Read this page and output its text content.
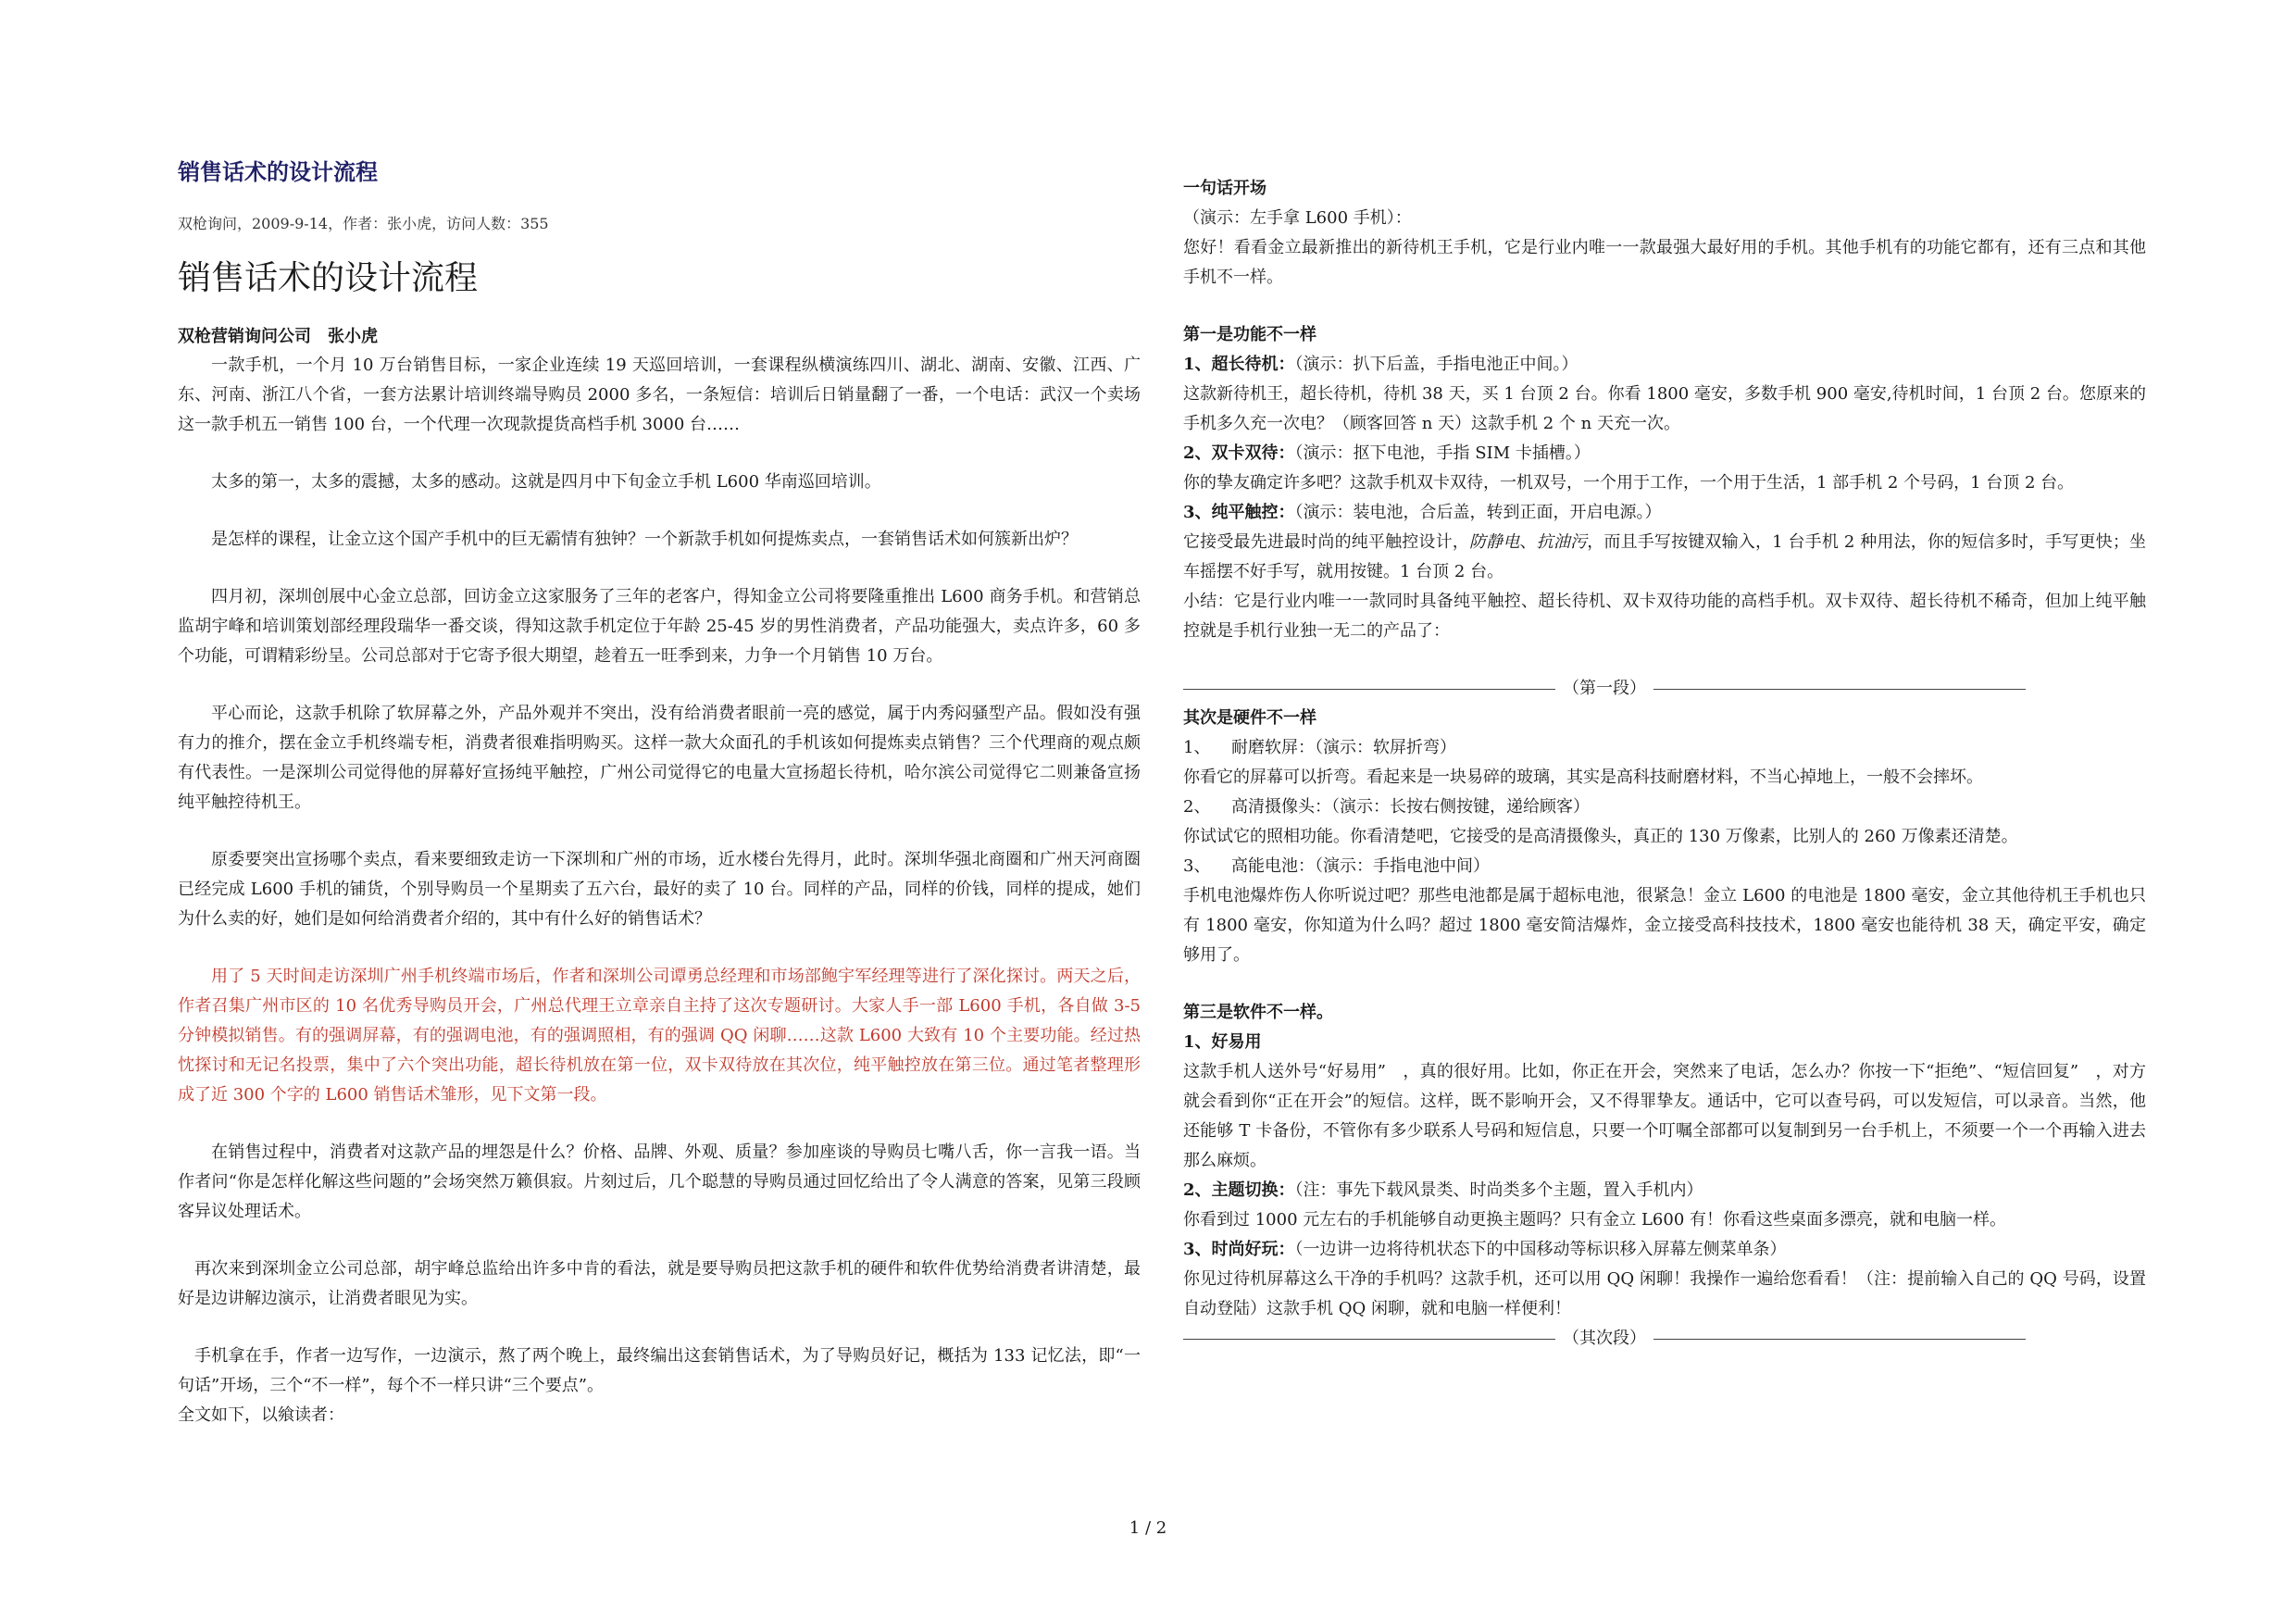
销售话术的设计流程

双枪询问，2009-9-14，作者：张小虎，访问人数：355

销售话术的设计流程

双枪营销询问公司　张小虎

一款手机，一个月 10 万台销售目标，一家企业连续 19 天巡回培训，一套课程纵横演练四川、湖北、湖南、安徽、江西、广东、河南、浙江八个省，一套方法累计培训终端导购员 2000 多名，一条短信：培训后日销量翻了一番，一个电话：武汉一个卖场这一款手机五一销售 100 台，一个代理一次现款提货高档手机 3000 台……

太多的第一，太多的震撼，太多的感动。这就是四月中下旬金立手机 L600 华南巡回培训。

是怎样的课程，让金立这个国产手机中的巨无霸情有独钟？一个新款手机如何提炼卖点，一套销售话术如何簇新出炉？

四月初，深圳创展中心金立总部，回访金立这家服务了三年的老客户，得知金立公司将要隆重推出 L600 商务手机。和营销总监胡宇峰和培训策划部经理段瑞华一番交谈，得知这款手机定位于年龄 25-45 岁的男性消费者，产品功能强大，卖点许多，60 多个功能，可谓精彩纷呈。公司总部对于它寄予很大期望，趁着五一旺季到来，力争一个月销售 10 万台。

平心而论，这款手机除了软屏幕之外，产品外观并不突出，没有给消费者眼前一亮的感觉，属于内秀闷骚型产品。假如没有强有力的推介，摆在金立手机终端专柜，消费者很难指明购买。这样一款大众面孔的手机该如何提炼卖点销售？三个代理商的观点颇有代表性。一是深圳公司觉得他的屏幕好宣扬纯平触控，广州公司觉得它的电量大宣扬超长待机，哈尔滨公司觉得它二则兼备宣扬纯平触控待机王。

原委要突出宣扬哪个卖点，看来要细致走访一下深圳和广州的市场，近水楼台先得月，此时。深圳华强北商圈和广州天河商圈已经完成 L600 手机的铺货，个别导购员一个星期卖了五六台，最好的卖了 10 台。同样的产品，同样的价钱，同样的提成，她们为什么卖的好，她们是如何给消费者介绍的，其中有什么好的销售话术？

用了 5 天时间走访深圳广州手机终端市场后，作者和深圳公司谭勇总经理和市场部鲍宇军经理等进行了深化探讨。两天之后，作者召集广州市区的 10 名优秀导购员开会，广州总代理王立章亲自主持了这次专题研讨。大家人手一部 L600 手机，各自做 3-5 分钟模拟销售。有的强调屏幕，有的强调电池，有的强调照相，有的强调 QQ 闲聊……这款 L600 大致有 10 个主要功能。经过热忱探讨和无记名投票，集中了六个突出功能，超长待机放在第一位，双卡双待放在其次位，纯平触控放在第三位。通过笔者整理形成了近 300 个字的 L600 销售话术雏形，见下文第一段。

在销售过程中，消费者对这款产品的埋怨是什么？价格、品牌、外观、质量？参加座谈的导购员七嘴八舌，你一言我一语。当作者问“你是怎样化解这些问题的”会场突然万籁俱寂。片刻过后，几个聪慧的导购员通过回忆给出了令人满意的答案，见第三段顾客异议处理话术。

再次来到深圳金立公司总部，胡宇峰总监给出许多中肯的看法，就是要导购员把这款手机的硬件和软件优势给消费者讲清楚，最好是边讲解边演示，让消费者眼见为实。

手机拿在手，作者一边写作，一边演示，熬了两个晚上，最终编出这套销售话术，为了导购员好记，概括为 133 记忆法，即“一句话”开场，三个“不一样”，每个不一样只讲“三个要点”。

全文如下，以飨读者：

一句话开场

（演示：左手拿 L600 手机）：

您好！看看金立最新推出的新待机王手机，它是行业内唯一一款最强大最好用的手机。其他手机有的功能它都有，还有三点和其他手机不一样。

第一是功能不一样

1、超长待机：（演示：扒下后盖，手指电池正中间。）

这款新待机王，超长待机，待机 38 天，买 1 台顶 2 台。你看 1800 毫安，多数手机 900 毫安,待机时间，1 台顶 2 台。您原来的手机多久充一次电？（顾客回答 n 天）这款手机 2 个 n 天充一次。

2、双卡双待：（演示：抠下电池，手指 SIM 卡插槽。）

你的挚友确定许多吧？这款手机双卡双待，一机双号，一个用于工作，一个用于生活，1 部手机 2 个号码，1 台顶 2 台。

3、纯平触控：（演示：装电池，合后盖，转到正面，开启电源。）

它接受最先进最时尚的纯平触控设计，防静电、抗油污，而且手写按键双输入，1 台手机 2 种用法，你的短信多时，手写更快；坐车摇摆不好手写，就用按键。1 台顶 2 台。

小结：它是行业内唯一一款同时具备纯平触控、超长待机、双卡双待功能的高档手机。双卡双待、超长待机不稀奇，但加上纯平触控就是手机行业独一无二的产品了：

（第一段）

其次是硬件不一样

1、 耐磨软屏：（演示：软屏折弯）

你看它的屏幕可以折弯。看起来是一块易碎的玻璃，其实是高科技耐磨材料，不当心掉地上，一般不会摔坏。

2、 高清摄像头：（演示：长按右侧按键，递给顾客）

你试试它的照相功能。你看清楚吧，它接受的是高清摄像头，真正的 130 万像素，比别人的 260 万像素还清楚。

3、 高能电池：（演示：手指电池中间）

手机电池爆炸伤人你听说过吧？那些电池都是属于超标电池，很紧急！金立 L600 的电池是 1800 毫安，金立其他待机王手机也只有 1800 毫安，你知道为什么吗？超过 1800 毫安简洁爆炸，金立接受高科技技术，1800 毫安也能待机 38 天，确定平安，确定够用了。

第三是软件不一样。

1、好易用

这款手机人送外号“好易用”　，真的很好用。比如，你正在开会，突然来了电话，怎么办？你按一下“拒绝”、“短信回复”　，对方就会看到你“正在开会”的短信。这样，既不影响开会，又不得罪挚友。通话中，它可以查号码，可以发短信，可以录音。当然，他还能够 T 卡备份，不管你有多少联系人号码和短信息，只要一个叮嘱全部都可以复制到另一台手机上，不须要一个一个再输入进去那么麻烦。

2、主题切换：（注：事先下载风景类、时尚类多个主题，置入手机内）

你看到过 1000 元左右的手机能够自动更换主题吗？只有金立 L600 有！你看这些桌面多漂亮，就和电脑一样。

3、时尚好玩：（一边讲一边将待机状态下的中国移动等标识移入屏幕左侧菜单条）

你见过待机屏幕这么干净的手机吗？这款手机，还可以用 QQ 闲聊！我操作一遍给您看看！（注：提前输入自己的 QQ 号码，设置自动登陆）这款手机 QQ 闲聊，就和电脑一样便利！

（其次段）
1 / 2
